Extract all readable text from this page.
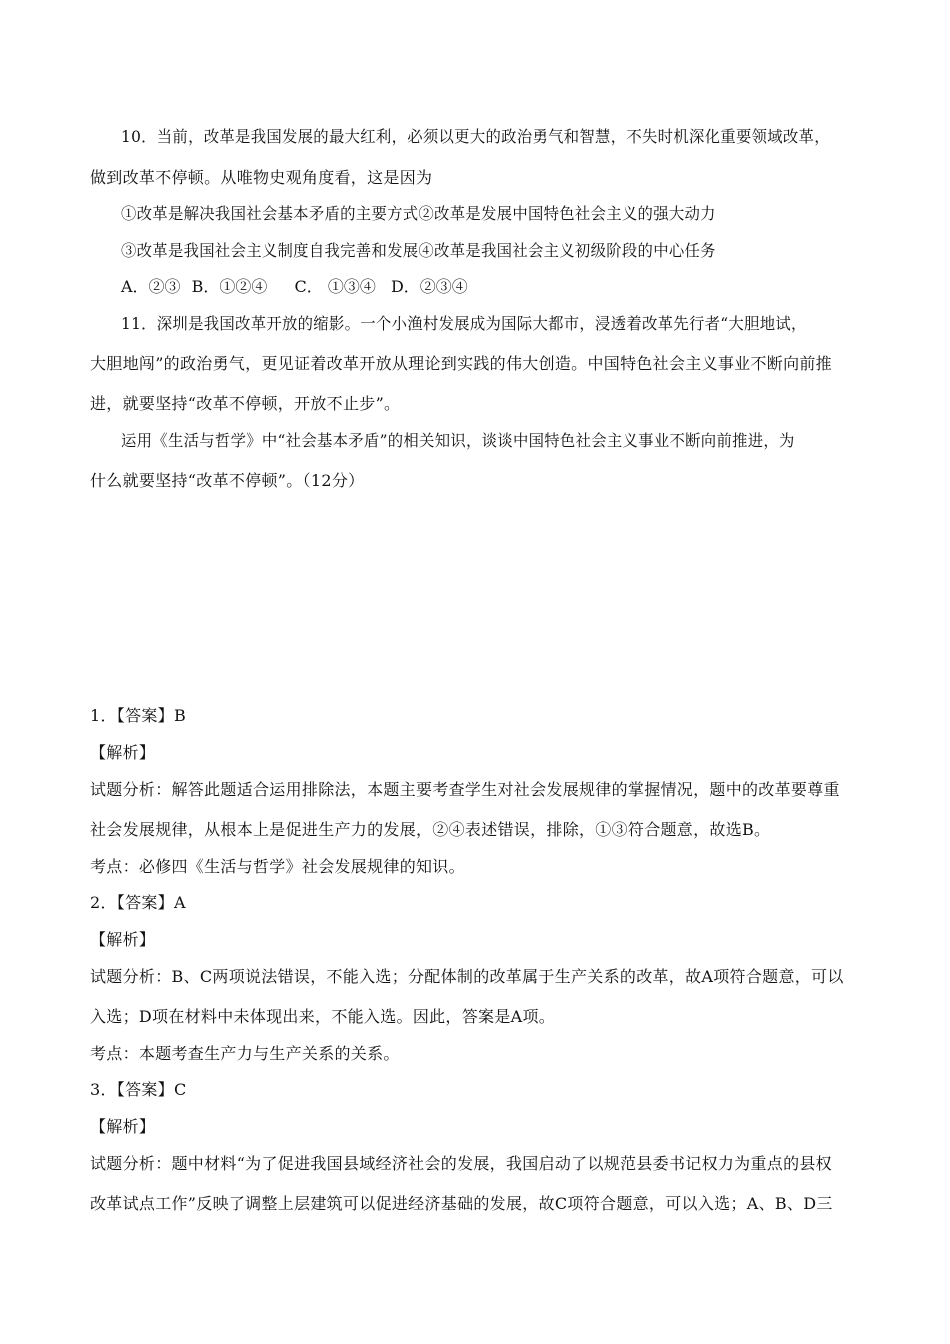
10．当前，改革是我国发展的最大红利，必须以更大的政治勇气和智慧，不失时机深化重要领域改革，
做到改革不停顿。从唯物史观角度看，这是因为
①改革是解决我国社会基本矛盾的主要方式②改革是发展中国特色社会主义的强大动力
③改革是我国社会主义制度自我完善和发展④改革是我国社会主义初级阶段的中心任务
A．②③ B．①②④ C． ①③④ D．②③④
11．深圳是我国改革开放的缩影。一个小渔村发展成为国际大都市，浸透着改革先行者“大胆地试，
大胆地闯”的政治勇气，更见证着改革开放从理论到实践的伟大创造。中国特色社会主义事业不断向前推
进，就要坚持“改革不停顿，开放不止步”。
运用《生活与哲学》中“社会基本矛盾”的相关知识，谈谈中国特色社会主义事业不断向前推进，为
什么就要坚持“改革不停顿”。（12分）
1．【答案】B
【解析】
试题分析：解答此题适合运用排除法，本题主要考查学生对社会发展规律的掌握情况，题中的改革要尊重
社会发展规律，从根本上是促进生产力的发展，②④表述错误，排除，①③符合题意，故选B。
考点：必修四《生活与哲学》社会发展规律的知识。
2．【答案】A
【解析】
试题分析：B、C两项说法错误，不能入选；分配体制的改革属于生产关系的改革，故A项符合题意，可以
入选；D项在材料中未体现出来，不能入选。因此，答案是A项。
考点：本题考查生产力与生产关系的关系。
3．【答案】C
【解析】
试题分析：题中材料“为了促进我国县域经济社会的发展，我国启动了以规范县委书记权力为重点的县权
改革试点工作”反映了调整上层建筑可以促进经济基础的发展，故C项符合题意，可以入选；A、B、D三
